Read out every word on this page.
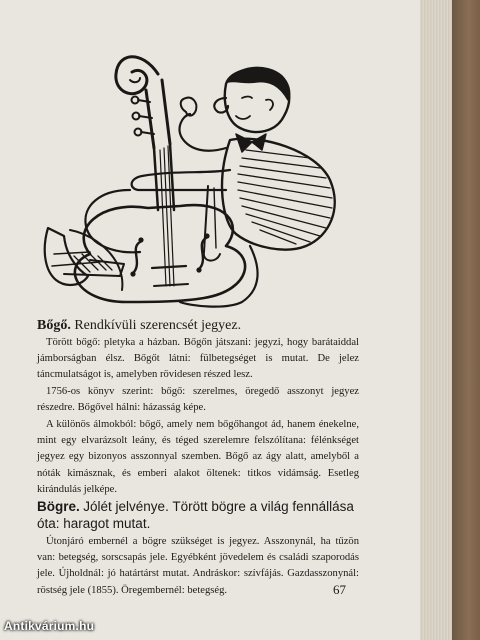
Bőgő. Rendkívüli szerencsét jegyez.

Törött bőgő: pletyka a házban. Bőgőn játszani: jegyzi, hogy barátaiddal jámborságban élsz. Bőgőt látni: fülbetegséget is mutat. De jelez táncmulatságot is, amelyben rövidesen részed lesz.

1756-os könyv szerint: bőgő: szerelmes, öregedő asszonyt jegyez részedre. Bőgővel hálni: házasság képe.

A különös álmokból: bőgő, amely nem bőgőhangot ád, hanem énekelne, mint egy elvarázsolt leány, és téged szerelemre felszólítana: félénkséget jegyez egy bizonyos asszonnyal szemben. Bőgő az ágy alatt, amelyből a nóták kimásznak, és emberi alakot öltenek: titkos vidámság. Esetleg kirándulás jelképe.

Bögre. Jólét jelvénye. Törött bögre a világ fennállása óta: haragot mutat.

Útonjáró embernél a bögre szükséget is jegyez. Asszonynál, ha tűzön van: betegség, sorscsapás jele. Egyébként jövedelem és családi szaporodás jele. Újholdnál: jó határtárst mutat. Andráskor: szívfájás. Gazdasszonynál: röstség jele (1855). Öregembernél: betegség.	67
Antikvárium.hu
